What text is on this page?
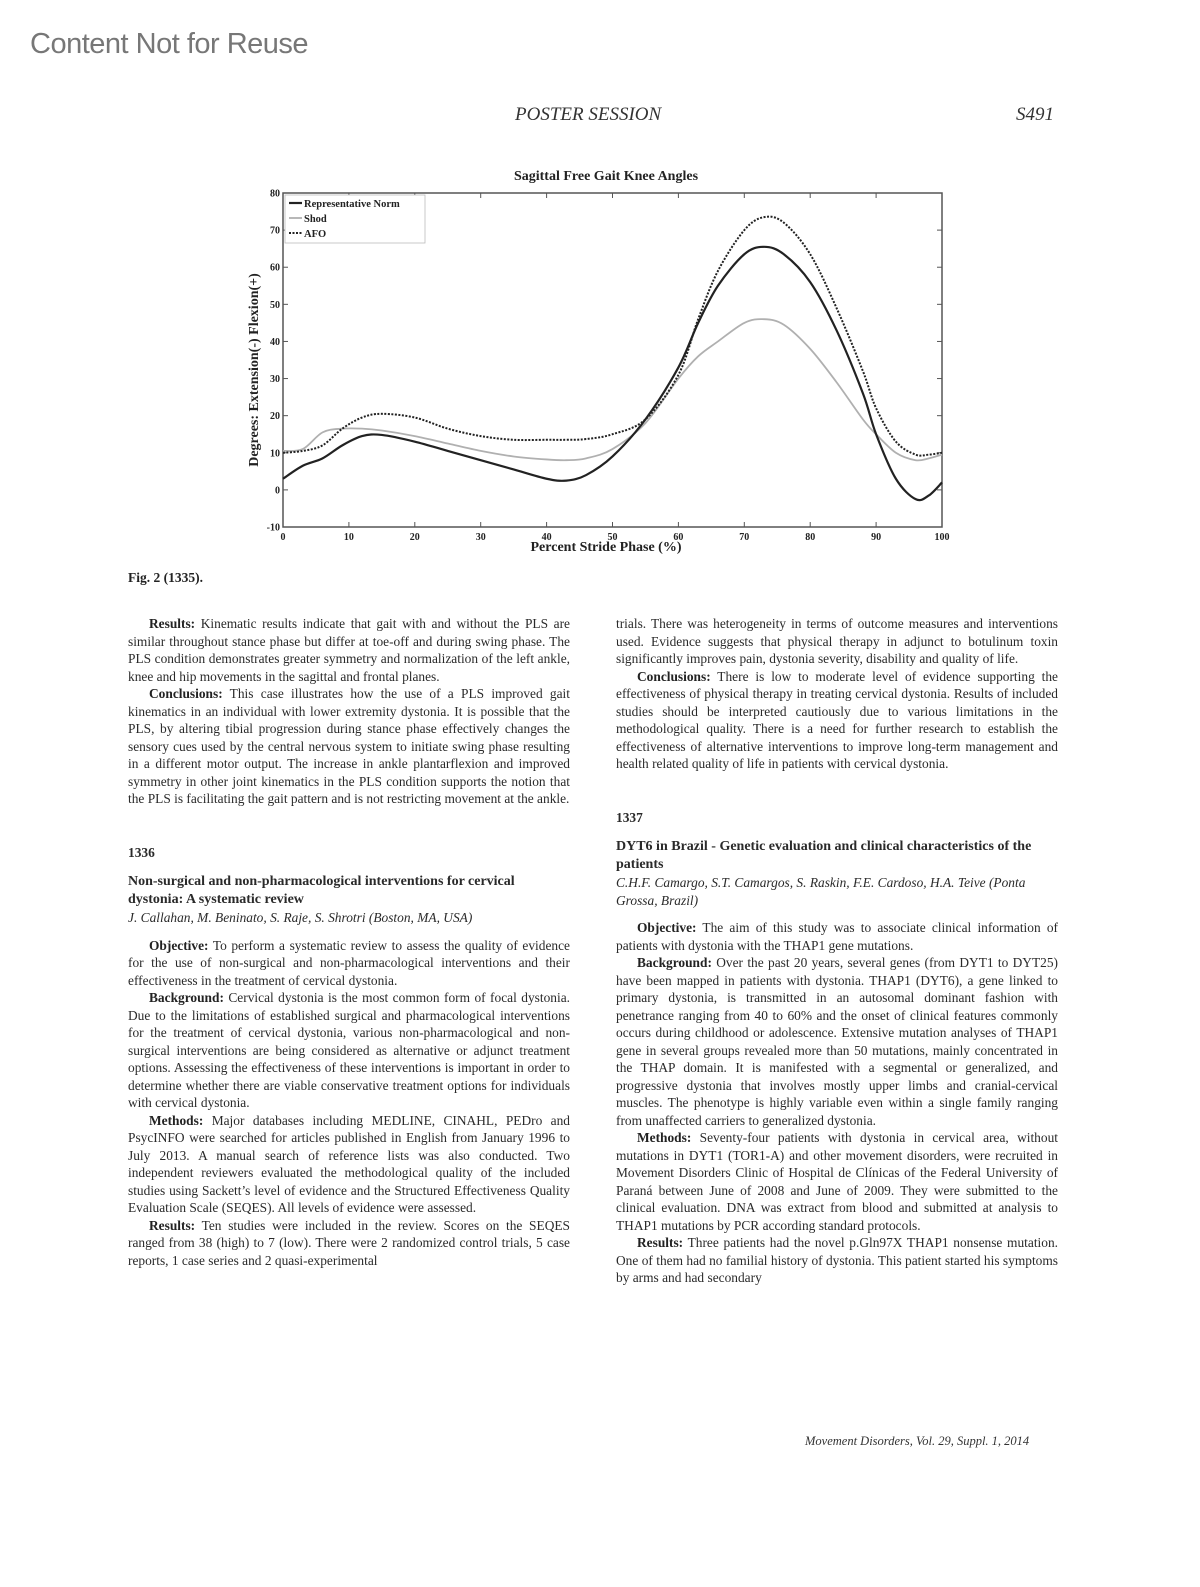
Content Not for Reuse
POSTER SESSION	S491
Sagittal Free Gait Knee Angles
0	10	20	30	40	50	60	70	80	90	100
-10
0
10
20
30
40
50
60
70
80
Representative Norm
Shod
AFO
Percent Stride Phase (%)
Degrees: Extension(-) Flexion(+)
Fig. 2 (1335).

Results: Kinematic results indicate that gait with and without the PLS are similar throughout stance phase but differ at toe-off and during swing phase. The PLS condition demonstrates greater symmetry and normalization of the left ankle, knee and hip movements in the sagittal and frontal planes.

Conclusions: This case illustrates how the use of a PLS improved gait kinematics in an individual with lower extremity dystonia. It is possible that the PLS, by altering tibial progression during stance phase effectively changes the sensory cues used by the central nervous system to initiate swing phase resulting in a different motor output. The increase in ankle plantarflexion and improved symmetry in other joint kinematics in the PLS condition supports the notion that the PLS is facilitating the gait pattern and is not restricting movement at the ankle.

1336

Non-surgical and non-pharmacological interventions for cervical dystonia: A systematic review

J. Callahan, M. Beninato, S. Raje, S. Shrotri (Boston, MA, USA)

Objective: To perform a systematic review to assess the quality of evidence for the use of non-surgical and non-pharmacological interventions and their effectiveness in the treatment of cervical dystonia.

Background: Cervical dystonia is the most common form of focal dystonia. Due to the limitations of established surgical and pharmacological interventions for the treatment of cervical dystonia, various non-pharmacological and non-surgical interventions are being considered as alternative or adjunct treatment options. Assessing the effectiveness of these interventions is important in order to determine whether there are viable conservative treatment options for individuals with cervical dystonia.

Methods: Major databases including MEDLINE, CINAHL, PEDro and PsycINFO were searched for articles published in English from January 1996 to July 2013. A manual search of reference lists was also conducted. Two independent reviewers evaluated the methodological quality of the included studies using Sackett’s level of evidence and the Structured Effectiveness Quality Evaluation Scale (SEQES). All levels of evidence were assessed.

Results: Ten studies were included in the review. Scores on the SEQES ranged from 38 (high) to 7 (low). There were 2 randomized control trials, 5 case reports, 1 case series and 2 quasi-experimental

trials. There was heterogeneity in terms of outcome measures and interventions used. Evidence suggests that physical therapy in adjunct to botulinum toxin significantly improves pain, dystonia severity, disability and quality of life.

Conclusions: There is low to moderate level of evidence supporting the effectiveness of physical therapy in treating cervical dystonia. Results of included studies should be interpreted cautiously due to various limitations in the methodological quality. There is a need for further research to establish the effectiveness of alternative interventions to improve long-term management and health related quality of life in patients with cervical dystonia.

1337

DYT6 in Brazil - Genetic evaluation and clinical characteristics of the patients

C.H.F. Camargo, S.T. Camargos, S. Raskin, F.E. Cardoso, H.A. Teive (Ponta Grossa, Brazil)

Objective: The aim of this study was to associate clinical information of patients with dystonia with the THAP1 gene mutations.

Background: Over the past 20 years, several genes (from DYT1 to DYT25) have been mapped in patients with dystonia. THAP1 (DYT6), a gene linked to primary dystonia, is transmitted in an autosomal dominant fashion with penetrance ranging from 40 to 60% and the onset of clinical features commonly occurs during childhood or adolescence. Extensive mutation analyses of THAP1 gene in several groups revealed more than 50 mutations, mainly concentrated in the THAP domain. It is manifested with a segmental or generalized, and progressive dystonia that involves mostly upper limbs and cranial-cervical muscles. The phenotype is highly variable even within a single family ranging from unaffected carriers to generalized dystonia.

Methods: Seventy-four patients with dystonia in cervical area, without mutations in DYT1 (TOR1-A) and other movement disorders, were recruited in Movement Disorders Clinic of Hospital de Clínicas of the Federal University of Paraná between June of 2008 and June of 2009. They were submitted to the clinical evaluation. DNA was extract from blood and submitted at analysis to THAP1 mutations by PCR according standard protocols.

Results: Three patients had the novel p.Gln97X THAP1 nonsense mutation. One of them had no familial history of dystonia. This patient started his symptoms by arms and had secondary

Movement Disorders, Vol. 29, Suppl. 1, 2014
